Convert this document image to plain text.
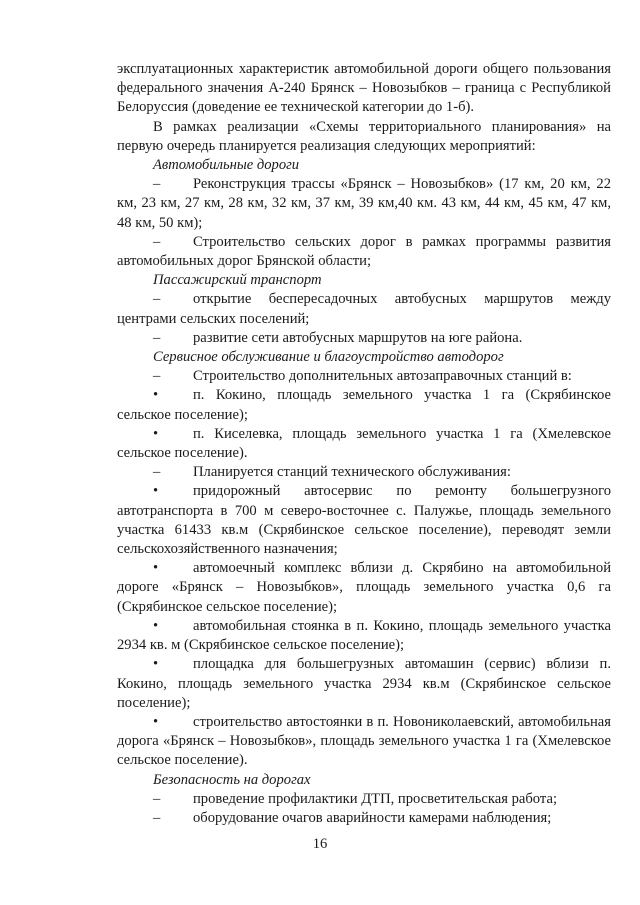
эксплуатационных характеристик автомобильной дороги общего пользования федерального значения А-240 Брянск – Новозыбков – граница с Республикой Белоруссия (доведение ее технической категории до 1-б).

В рамках реализации «Схемы территориального планирования» на первую очередь планируется реализация следующих мероприятий:

Автомобильные дороги

– Реконструкция трассы «Брянск – Новозыбков» (17 км, 20 км, 22 км, 23 км, 27 км, 28 км, 32 км, 37 км, 39 км,40 км. 43 км, 44 км, 45 км, 47 км, 48 км, 50 км);

– Строительство сельских дорог в рамках программы развития автомобильных дорог Брянской области;

Пассажирский транспорт

– открытие беспересадочных автобусных маршрутов между центрами сельских поселений;

– развитие сети автобусных маршрутов на юге района.

Сервисное обслуживание и благоустройство автодорог

– Строительство дополнительных автозаправочных станций в:

• п. Кокино, площадь земельного участка 1 га (Скрябинское сельское поселение);

• п. Киселевка, площадь земельного участка 1 га (Хмелевское сельское поселение).

– Планируется станций технического обслуживания:

• придорожный автосервис по ремонту большегрузного автотранспорта в 700 м северо-восточнее с. Палужье, площадь земельного участка 61433 кв.м (Скрябинское сельское поселение), переводят земли сельскохозяйственного назначения;

• автомоечный комплекс вблизи д. Скрябино на автомобильной дороге «Брянск – Новозыбков», площадь земельного участка 0,6 га (Скрябинское сельское поселение);

• автомобильная стоянка в п. Кокино, площадь земельного участка 2934 кв. м (Скрябинское сельское поселение);

• площадка для большегрузных автомашин (сервис) вблизи п. Кокино, площадь земельного участка 2934 кв.м (Скрябинское сельское поселение);

• строительство автостоянки в п. Новониколаевский, автомобильная дорога «Брянск – Новозыбков», площадь земельного участка 1 га (Хмелевское сельское поселение).

Безопасность на дорогах

– проведение профилактики ДТП, просветительская работа;

– оборудование очагов аварийности камерами наблюдения;

16
